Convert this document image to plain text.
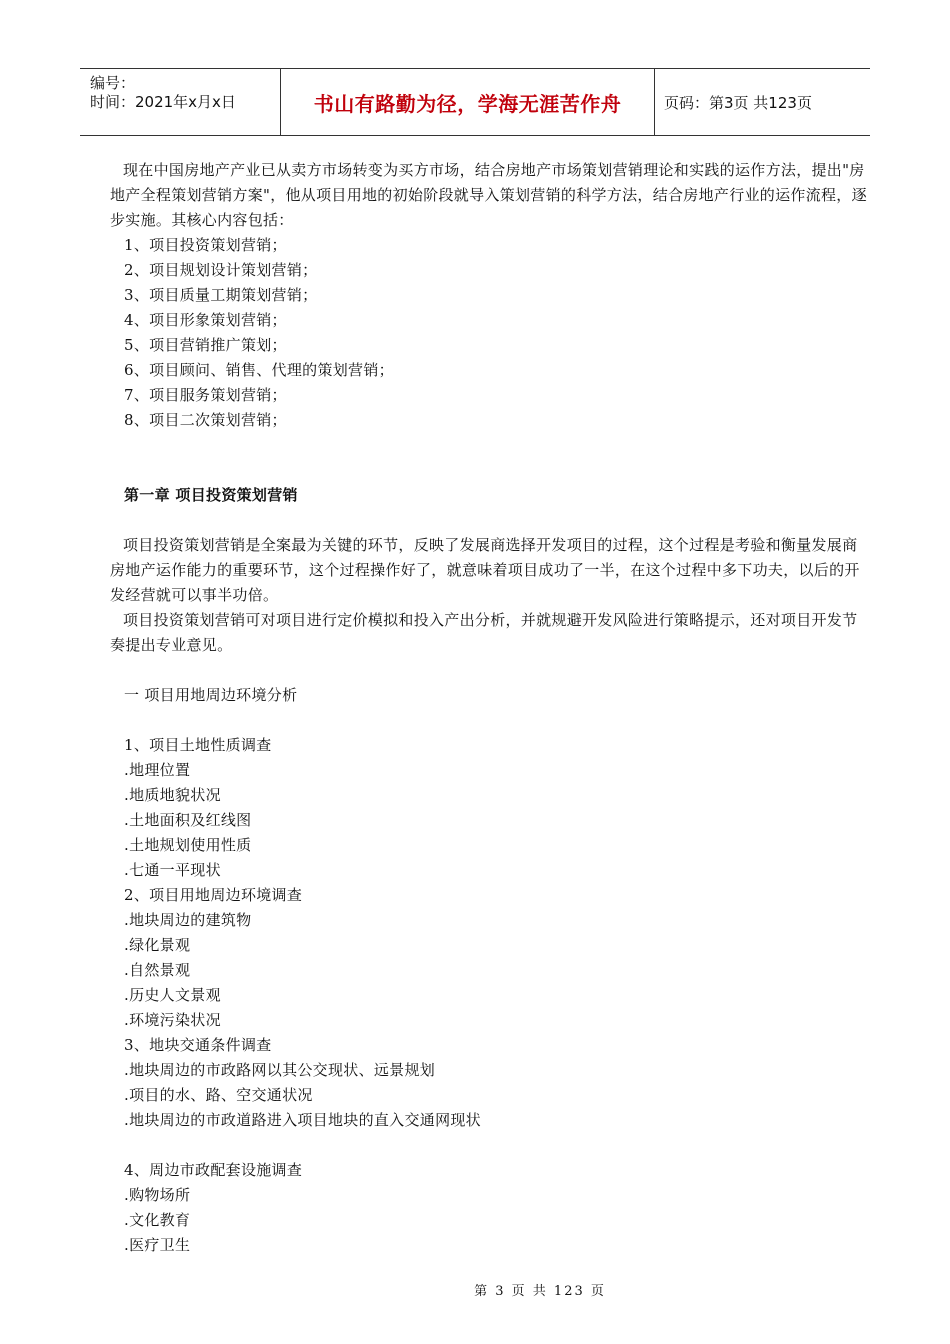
编号：
时间：2021年x月x日	书山有路勤为径，学海无涯苦作舟	页码：第3页 共123页

现在中国房地产产业已从卖方市场转变为买方市场，结合房地产市场策划营销理论和实践的运作方法，提出"房地产全程策划营销方案"，他从项目用地的初始阶段就导入策划营销的科学方法，结合房地产行业的运作流程，逐步实施。其核心内容包括：

1、项目投资策划营销；

2、项目规划设计策划营销；

3、项目质量工期策划营销；

4、项目形象策划营销；

5、项目营销推广策划；

6、项目顾问、销售、代理的策划营销；

7、项目服务策划营销；

8、项目二次策划营销；

第一章 项目投资策划营销

项目投资策划营销是全案最为关键的环节，反映了发展商选择开发项目的过程，这个过程是考验和衡量发展商房地产运作能力的重要环节，这个过程操作好了，就意味着项目成功了一半，在这个过程中多下功夫，以后的开发经营就可以事半功倍。

项目投资策划营销可对项目进行定价模拟和投入产出分析，并就规避开发风险进行策略提示，还对项目开发节奏提出专业意见。

一 项目用地周边环境分析

1、项目土地性质调查

.地理位置

.地质地貌状况

.土地面积及红线图

.土地规划使用性质

.七通一平现状

2、项目用地周边环境调查

.地块周边的建筑物

.绿化景观

.自然景观

.历史人文景观

.环境污染状况

3、地块交通条件调查

.地块周边的市政路网以其公交现状、远景规划

.项目的水、路、空交通状况

.地块周边的市政道路进入项目地块的直入交通网现状

4、周边市政配套设施调查

.购物场所

.文化教育

.医疗卫生

第 3 页 共 123 页
